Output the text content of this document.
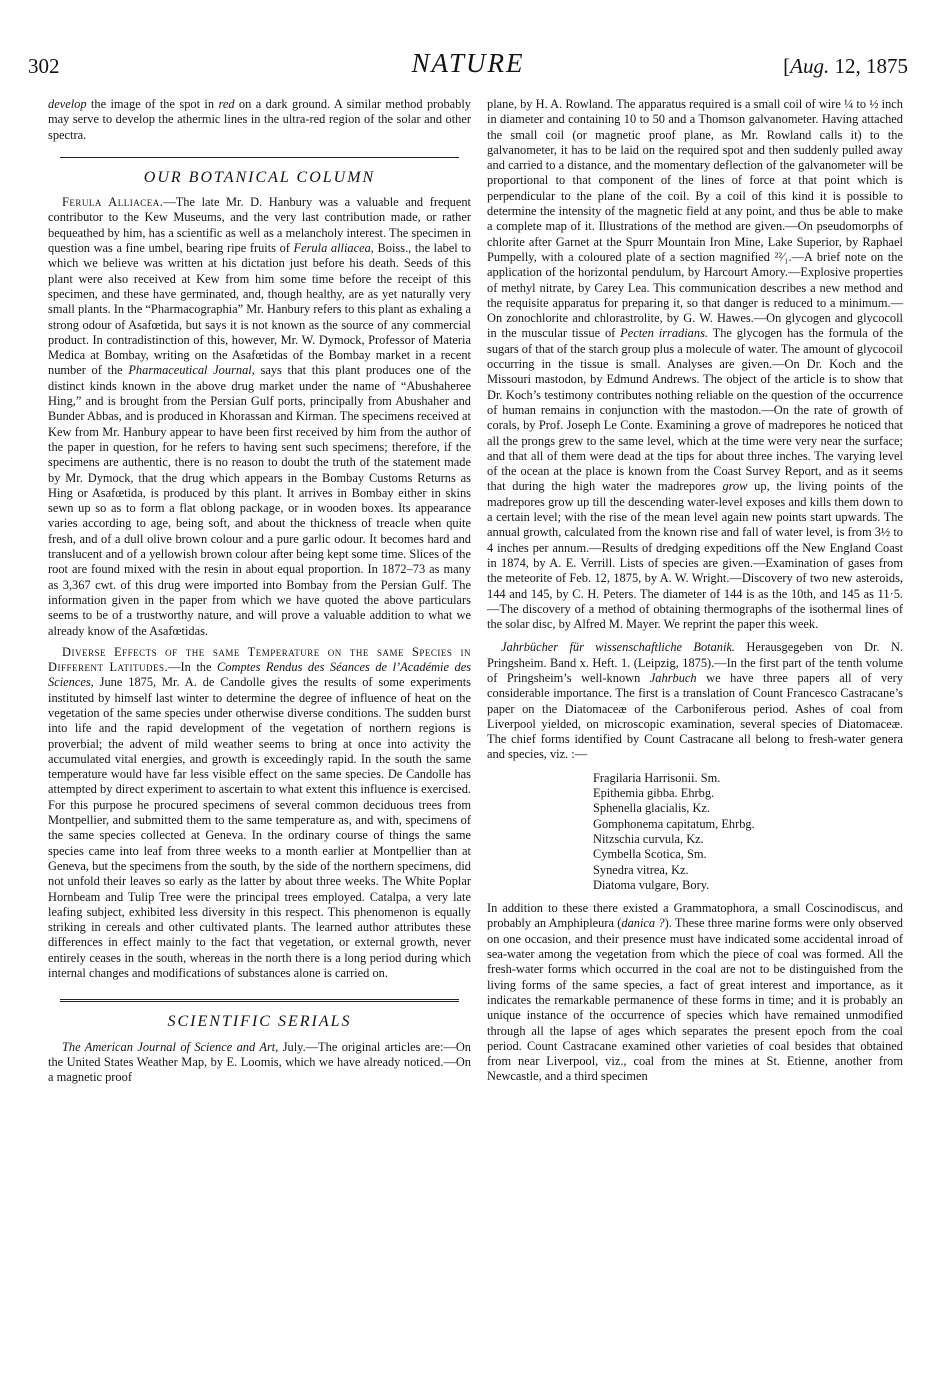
302	NATURE	[Aug. 12, 1875

develop the image of the spot in red on a dark ground. A similar method probably may serve to develop the athermic lines in the ultra-red region of the solar and other spectra.

OUR BOTANICAL COLUMN

Ferula Alliacea.—The late Mr. D. Hanbury was a valuable and frequent contributor to the Kew Museums, and the very last contribution made, or rather bequeathed by him, has a scientific as well as a melancholy interest. The specimen in question was a fine umbel, bearing ripe fruits of Ferula alliacea, Boiss., the label to which we believe was written at his dictation just before his death. Seeds of this plant were also received at Kew from him some time before the receipt of this specimen, and these have germinated, and, though healthy, are as yet naturally very small plants. In the “Pharmacographia” Mr. Hanbury refers to this plant as exhaling a strong odour of Asafœtida, but says it is not known as the source of any commercial product. In contradistinction of this, however, Mr. W. Dymock, Professor of Materia Medica at Bombay, writing on the Asafœtidas of the Bombay market in a recent number of the Pharmaceutical Journal, says that this plant produces one of the distinct kinds known in the above drug market under the name of “Abushaheree Hing,” and is brought from the Persian Gulf ports, principally from Abushaher and Bunder Abbas, and is produced in Khorassan and Kirman. The specimens received at Kew from Mr. Hanbury appear to have been first received by him from the author of the paper in question, for he refers to having sent such specimens; therefore, if the specimens are authentic, there is no reason to doubt the truth of the statement made by Mr. Dymock, that the drug which appears in the Bombay Customs Returns as Hing or Asafœtida, is produced by this plant. It arrives in Bombay either in skins sewn up so as to form a flat oblong package, or in wooden boxes. Its appearance varies according to age, being soft, and about the thickness of treacle when quite fresh, and of a dull olive brown colour and a pure garlic odour. It becomes hard and translucent and of a yellowish brown colour after being kept some time. Slices of the root are found mixed with the resin in about equal proportion. In 1872–73 as many as 3,367 cwt. of this drug were imported into Bombay from the Persian Gulf. The information given in the paper from which we have quoted the above particulars seems to be of a trustworthy nature, and will prove a valuable addition to what we already know of the Asafœtidas.

Diverse Effects of the same Temperature on the same Species in Different Latitudes.—In the Comptes Rendus des Séances de l’Académie des Sciences, June 1875, Mr. A. de Candolle gives the results of some experiments instituted by himself last winter to determine the degree of influence of heat on the vegetation of the same species under otherwise diverse conditions. The sudden burst into life and the rapid development of the vegetation of northern regions is proverbial; the advent of mild weather seems to bring at once into activity the accumulated vital energies, and growth is exceedingly rapid. In the south the same temperature would have far less visible effect on the same species. De Candolle has attempted by direct experiment to ascertain to what extent this influence is exercised. For this purpose he procured specimens of several common deciduous trees from Montpellier, and submitted them to the same temperature as, and with, specimens of the same species collected at Geneva. In the ordinary course of things the same species came into leaf from three weeks to a month earlier at Montpellier than at Geneva, but the specimens from the south, by the side of the northern specimens, did not unfold their leaves so early as the latter by about three weeks. The White Poplar Hornbeam and Tulip Tree were the principal trees employed. Catalpa, a very late leafing subject, exhibited less diversity in this respect. This phenomenon is equally striking in cereals and other cultivated plants. The learned author attributes these differences in effect mainly to the fact that vegetation, or external growth, never entirely ceases in the south, whereas in the north there is a long period during which internal changes and modifications of substances alone is carried on.

SCIENTIFIC SERIALS

The American Journal of Science and Art, July.—The original articles are:—On the United States Weather Map, by E. Loomis, which we have already noticed.—On a magnetic proof

plane, by H. A. Rowland. The apparatus required is a small coil of wire ¼ to ½ inch in diameter and containing 10 to 50 and a Thomson galvanometer. Having attached the small coil (or magnetic proof plane, as Mr. Rowland calls it) to the galvanometer, it has to be laid on the required spot and then suddenly pulled away and carried to a distance, and the momentary deflection of the galvanometer will be proportional to that component of the lines of force at that point which is perpendicular to the plane of the coil. By a coil of this kind it is possible to determine the intensity of the magnetic field at any point, and thus be able to make a complete map of it. Illustrations of the method are given.—On pseudomorphs of chlorite after Garnet at the Spurr Mountain Iron Mine, Lake Superior, by Raphael Pumpelly, with a coloured plate of a section magnified ²²⁄₁.—A brief note on the application of the horizontal pendulum, by Harcourt Amory.—Explosive properties of methyl nitrate, by Carey Lea. This communication describes a new method and the requisite apparatus for preparing it, so that danger is reduced to a minimum.—On zonochlorite and chlorastrolite, by G. W. Hawes.—On glycogen and glycocoll in the muscular tissue of Pecten irradians. The glycogen has the formula of the sugars of that of the starch group plus a molecule of water. The amount of glycocoil occurring in the tissue is small. Analyses are given.—On Dr. Koch and the Missouri mastodon, by Edmund Andrews. The object of the article is to show that Dr. Koch’s testimony contributes nothing reliable on the question of the occurrence of human remains in conjunction with the mastodon.—On the rate of growth of corals, by Prof. Joseph Le Conte. Examining a grove of madrepores he noticed that all the prongs grew to the same level, which at the time were very near the surface; and that all of them were dead at the tips for about three inches. The varying level of the ocean at the place is known from the Coast Survey Report, and as it seems that during the high water the madrepores grow up, the living points of the madrepores grow up till the descending water-level exposes and kills them down to a certain level; with the rise of the mean level again new points start upwards. The annual growth, calculated from the known rise and fall of water level, is from 3½ to 4 inches per annum.—Results of dredging expeditions off the New England Coast in 1874, by A. E. Verrill. Lists of species are given.—Examination of gases from the meteorite of Feb. 12, 1875, by A. W. Wright.—Discovery of two new asteroids, 144 and 145, by C. H. Peters. The diameter of 144 is as the 10th, and 145 as 11·5.—The discovery of a method of obtaining thermographs of the isothermal lines of the solar disc, by Alfred M. Mayer. We reprint the paper this week.

Jahrbücher für wissenschaftliche Botanik. Herausgegeben von Dr. N. Pringsheim. Band x. Heft. 1. (Leipzig, 1875).—In the first part of the tenth volume of Pringsheim’s well-known Jahrbuch we have three papers all of very considerable importance. The first is a translation of Count Francesco Castracane’s paper on the Diatomaceæ of the Carboniferous period. Ashes of coal from Liverpool yielded, on microscopic examination, several species of Diatomaceæ. The chief forms identified by Count Castracane all belong to fresh-water genera and species, viz. :—

Fragilaria Harrisonii. Sm.
Epithemia gibba. Ehrbg.
Sphenella glacialis, Kz.
Gomphonema capitatum, Ehrbg.
Nitzschia curvula, Kz.
Cymbella Scotica, Sm.
Synedra vitrea, Kz.
Diatoma vulgare, Bory.

In addition to these there existed a Grammatophora, a small Coscinodiscus, and probably an Amphipleura (danica ?). These three marine forms were only observed on one occasion, and their presence must have indicated some accidental inroad of sea-water among the vegetation from which the piece of coal was formed. All the fresh-water forms which occurred in the coal are not to be distinguished from the living forms of the same species, a fact of great interest and importance, as it indicates the remarkable permanence of these forms in time; and it is probably an unique instance of the occurrence of species which have remained unmodified through all the lapse of ages which separates the present epoch from the coal period. Count Castracane examined other varieties of coal besides that obtained from near Liverpool, viz., coal from the mines at St. Etienne, another from Newcastle, and a third specimen
